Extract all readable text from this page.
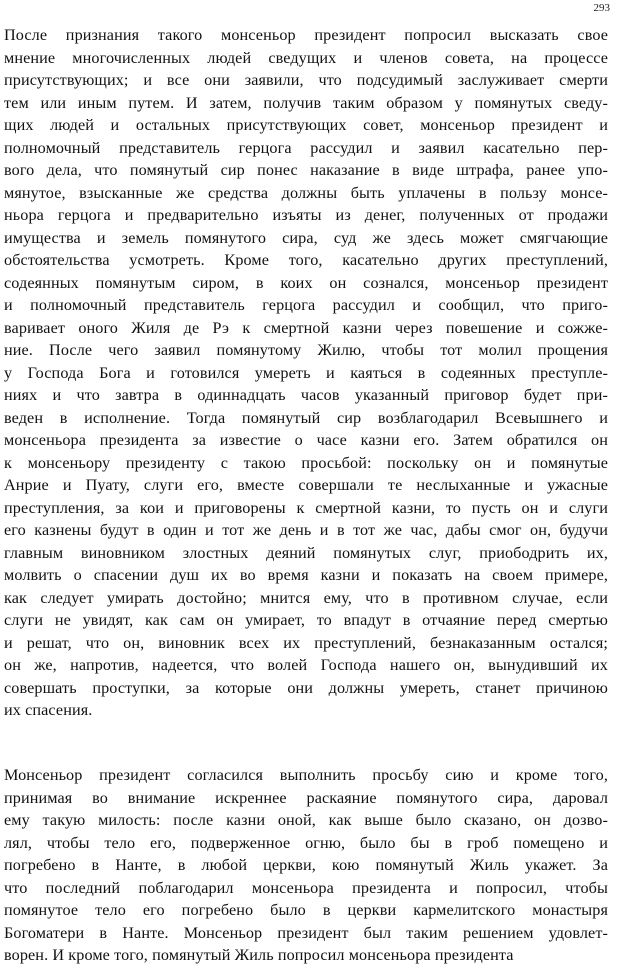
293
После признания такого монсеньор президент попросил высказать свое
мнение многочисленных людей сведущих и членов совета, на процессе
присутствующих; и все они заявили, что подсудимый заслуживает смерти
тем или иным путем. И затем, получив таким образом у помянутых сведу-
щих людей и остальных присутствующих совет, монсеньор президент и
полномочный представитель герцога рассудил и заявил касательно пер-
вого дела, что помянутый сир понес наказание в виде штрафа, ранее упо-
мянутое, взысканные же средства должны быть уплачены в пользу монсе-
ньора герцога и предварительно изъяты из денег, полученных от продажи
имущества и земель помянутого сира, суд же здесь может смягчающие
обстоятельства усмотреть. Кроме того, касательно других преступлений,
содеянных помянутым сиром, в коих он сознался, монсеньор президент
и полномочный представитель герцога рассудил и сообщил, что приго-
варивает оного Жиля де Рэ к смертной казни через повешение и сожже-
ние. После чего заявил помянутому Жилю, чтобы тот молил прощения
у Господа Бога и готовился умереть и каяться в содеянных преступле-
ниях и что завтра в одиннадцать часов указанный приговор будет при-
веден в исполнение. Тогда помянутый сир возблагодарил Всевышнего и
монсеньора президента за известие о часе казни его. Затем обратился он
к монсеньору президенту с такою просьбой: поскольку он и помянутые
Анрие и Пуату, слуги его, вместе совершали те неслыханные и ужасные
преступления, за кои и приговорены к смертной казни, то пусть он и слуги
его казнены будут в один и тот же день и в тот же час, дабы смог он, будучи
главным виновником злостных деяний помянутых слуг, приободрить их,
молвить о спасении душ их во время казни и показать на своем примере,
как следует умирать достойно; мнится ему, что в противном случае, если
слуги не увидят, как сам он умирает, то впадут в отчаяние перед смертью
и решат, что он, виновник всех их преступлений, безнаказанным остался;
он же, напротив, надеется, что волей Господа нашего он, вынудивший их
совершать проступки, за которые они должны умереть, станет причиною
их спасения.
Монсеньор президент согласился выполнить просьбу сию и кроме того,
принимая во внимание искреннее раскаяние помянутого сира, даровал
ему такую милость: после казни оной, как выше было сказано, он дозво-
лял, чтобы тело его, подверженное огню, было бы в гроб помещено и
погребено в Нанте, в любой церкви, кою помянутый Жиль укажет. За
что последний поблагодарил монсеньора президента и попросил, чтобы
помянутое тело его погребено было в церкви кармелитского монастыря
Богоматери в Нанте. Монсеньор президент был таким решением удовлет-
ворен. И кроме того, помянутый Жиль попросил монсеньора президента
